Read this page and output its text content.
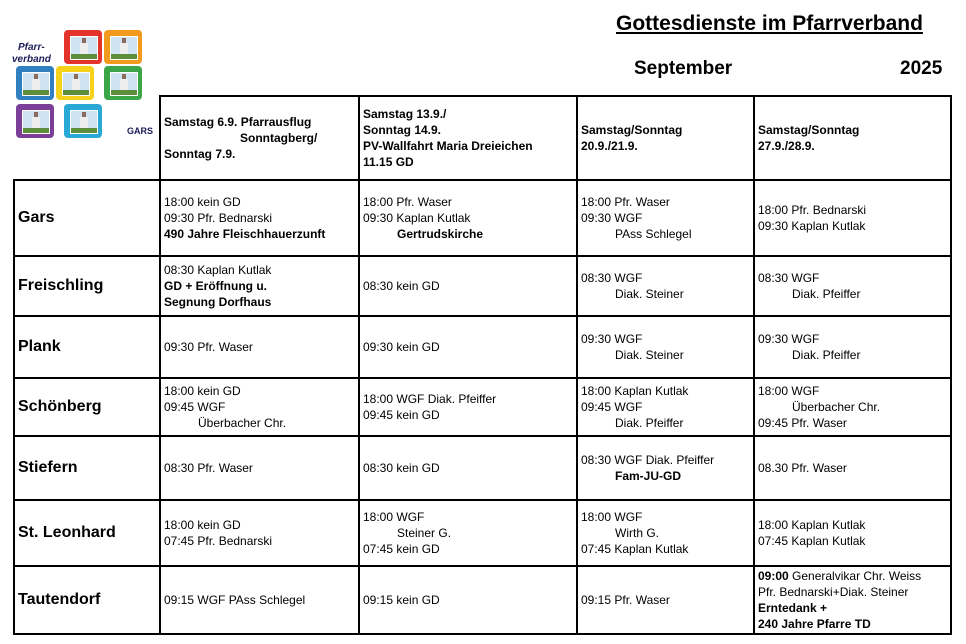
Gottesdienste im Pfarrverband
September	2025
Pfarr-
verband
GARS

	Samstag 6.9. Pfarrausflug
Sonntagberg/
Sonntag 7.9.	Samstag 13.9./
Sonntag 14.9.
PV-Wallfahrt Maria Dreieichen
11.15 GD	Samstag/Sonntag
20.9./21.9.	Samstag/Sonntag
27.9./28.9.

Gars	18:00 kein GD
09:30 Pfr. Bednarski
490 Jahre Fleischhauerzunft	18:00 Pfr. Waser
09:30 Kaplan Kutlak
Gertrudskirche	18:00 Pfr. Waser
09:30 WGF
PAss Schlegel	18:00 Pfr. Bednarski
09:30 Kaplan Kutlak

Freischling	08:30 Kaplan Kutlak
GD + Eröffnung u.
Segnung Dorfhaus	08:30 kein GD	08:30 WGF
Diak. Steiner	08:30 WGF
Diak. Pfeiffer

Plank	09:30 Pfr. Waser	09:30 kein GD	09:30 WGF
Diak. Steiner	09:30 WGF
Diak. Pfeiffer

Schönberg	18:00 kein GD
09:45 WGF
Überbacher Chr.	18:00 WGF Diak. Pfeiffer
09:45 kein GD	18:00 Kaplan Kutlak
09:45 WGF
Diak. Pfeiffer	18:00 WGF
Überbacher Chr.
09:45 Pfr. Waser

Stiefern	08:30 Pfr. Waser	08:30 kein GD	08:30 WGF Diak. Pfeiffer
Fam-JU-GD	08.30 Pfr. Waser

St. Leonhard	18:00 kein GD
07:45 Pfr. Bednarski	18:00 WGF
Steiner G.
07:45 kein GD	18:00 WGF
Wirth G.
07:45 Kaplan Kutlak	18:00 Kaplan Kutlak
07:45 Kaplan Kutlak

Tautendorf	09:15 WGF PAss Schlegel	09:15 kein GD	09:15 Pfr. Waser	09:00 Generalvikar Chr. Weiss
Pfr. Bednarski+Diak. Steiner
Erntedank +
240 Jahre Pfarre TD
